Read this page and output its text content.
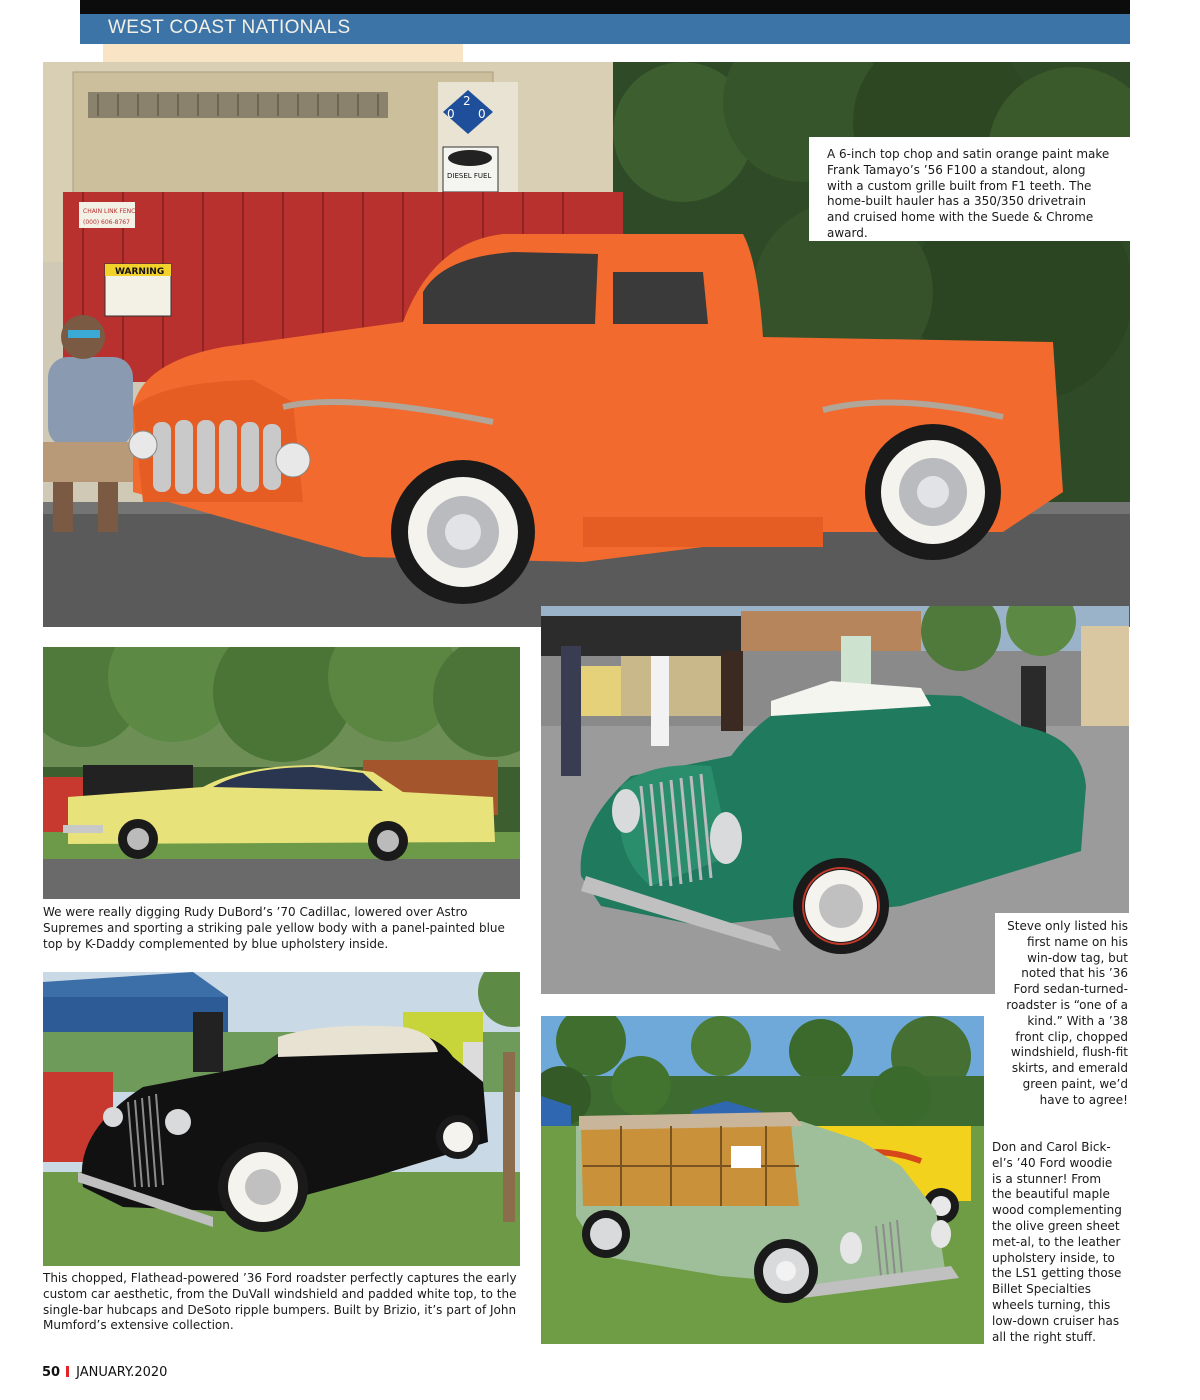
WEST COAST NATIONALS
2
0 0
DIESEL FUEL
CHAIN LINK FENCE
(000) 606-8767
WARNING
A 6-inch top chop and satin orange paint make Frank Tamayo’s ’56 F100 a standout, along with a custom grille built from F1 teeth. The home-built hauler has a 350/350 drivetrain and cruised home with the Suede & Chrome award.
We were really digging Rudy DuBord’s ’70 Cadillac, lowered over Astro Supremes and sporting a striking pale yellow body with a panel-painted blue top by K-Daddy complemented by blue upholstery inside.
Steve only listed his first name on his win-dow tag, but noted that his ’36 Ford sedan-turned-roadster is “one of a kind.” With a ’38 front clip, chopped windshield, flush-fit skirts, and emerald green paint, we’d have to agree!
This chopped, Flathead-powered ’36 Ford roadster perfectly captures the early custom car aesthetic, from the DuVall windshield and padded white top, to the single-bar hubcaps and DeSoto ripple bumpers. Built by Brizio, it’s part of John Mumford’s extensive collection.
Don and Carol Bick-el’s ’40 Ford woodie is a stunner! From the beautiful maple wood complementing the olive green sheet met-al, to the leather upholstery inside, to the LS1 getting those Billet Specialties wheels turning, this low-down cruiser has all the right stuff.
50 JANUARY.2020
